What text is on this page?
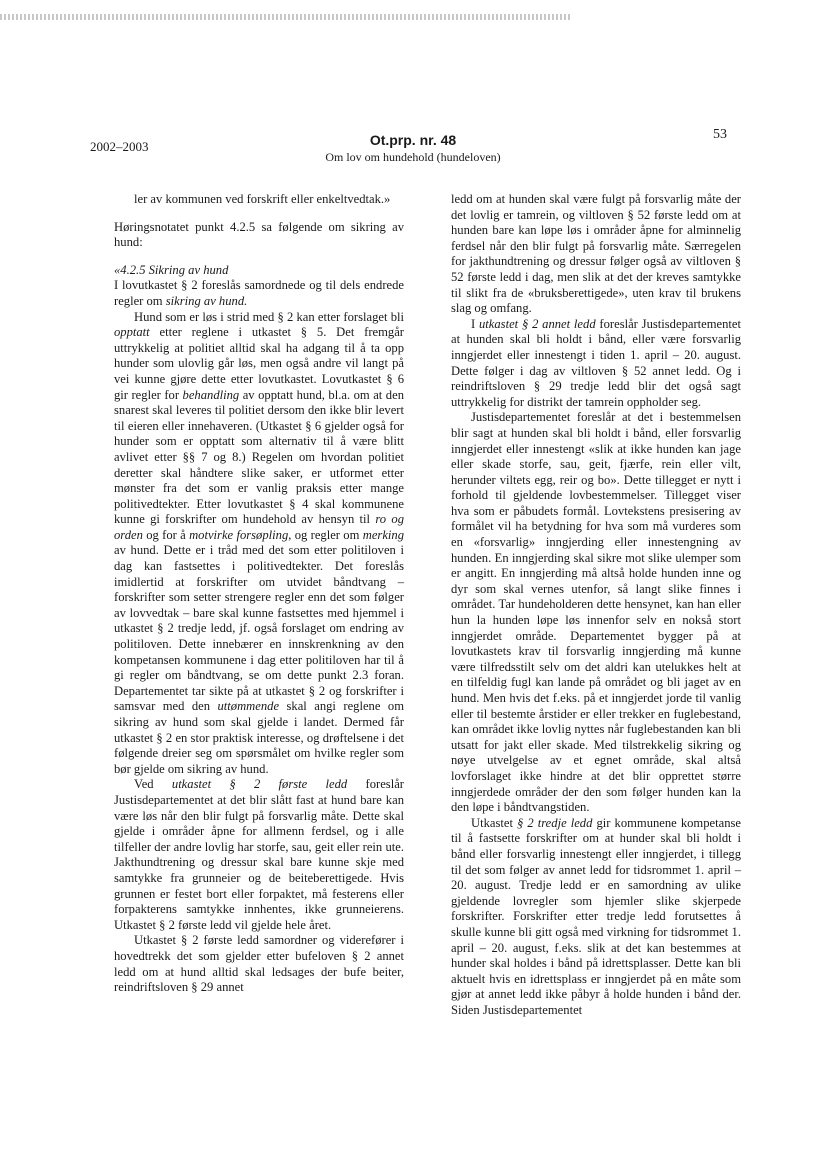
2002–2003	Ot.prp. nr. 48
Om lov om hundehold (hundeloven)
53

ler av kommunen ved forskrift eller enkeltvedtak.»

Høringsnotatet punkt 4.2.5 sa følgende om sikring av hund:

«4.2.5 Sikring av hund

I lovutkastet § 2 foreslås samordnede og til dels endrede regler om sikring av hund.

Hund som er løs i strid med § 2 kan etter forslaget bli opptatt etter reglene i utkastet § 5. Det fremgår uttrykkelig at politiet alltid skal ha adgang til å ta opp hunder som ulovlig går løs, men også andre vil langt på vei kunne gjøre dette etter lovutkastet. Lovutkastet § 6 gir regler for behandling av opptatt hund, bl.a. om at den snarest skal leveres til politiet dersom den ikke blir levert til eieren eller innehaveren. (Utkastet § 6 gjelder også for hunder som er opptatt som alternativ til å være blitt avlivet etter §§ 7 og 8.) Regelen om hvordan politiet deretter skal håndtere slike saker, er utformet etter mønster fra det som er vanlig praksis etter mange politivedtekter. Etter lovutkastet § 4 skal kommunene kunne gi forskrifter om hundehold av hensyn til ro og orden og for å motvirke forsøpling, og regler om merking av hund. Dette er i tråd med det som etter politiloven i dag kan fastsettes i politivedtekter. Det foreslås imidlertid at forskrifter om utvidet båndtvang – forskrifter som setter strengere regler enn det som følger av lovvedtak – bare skal kunne fastsettes med hjemmel i utkastet § 2 tredje ledd, jf. også forslaget om endring av politiloven. Dette innebærer en innskrenkning av den kompetansen kommunene i dag etter politiloven har til å gi regler om båndtvang, se om dette punkt 2.3 foran. Departementet tar sikte på at utkastet § 2 og forskrifter i samsvar med den uttømmende skal angi reglene om sikring av hund som skal gjelde i landet. Dermed får utkastet § 2 en stor praktisk interesse, og drøftelsene i det følgende dreier seg om spørsmålet om hvilke regler som bør gjelde om sikring av hund.

Ved utkastet § 2 første ledd foreslår Justisdepartementet at det blir slått fast at hund bare kan være løs når den blir fulgt på forsvarlig måte. Dette skal gjelde i områder åpne for allmenn ferdsel, og i alle tilfeller der andre lovlig har storfe, sau, geit eller rein ute. Jakthundtrening og dressur skal bare kunne skje med samtykke fra grunneier og de beiteberettigede. Hvis grunnen er festet bort eller forpaktet, må festerens eller forpakterens samtykke innhentes, ikke grunneierens. Utkastet § 2 første ledd vil gjelde hele året.

Utkastet § 2 første ledd samordner og viderefører i hovedtrekk det som gjelder etter bufeloven § 2 annet ledd om at hund alltid skal ledsages der bufe beiter, reindriftsloven § 29 annet

ledd om at hunden skal være fulgt på forsvarlig måte der det lovlig er tamrein, og viltloven § 52 første ledd om at hunden bare kan løpe løs i områder åpne for alminnelig ferdsel når den blir fulgt på forsvarlig måte. Særregelen for jakthundtrening og dressur følger også av viltloven § 52 første ledd i dag, men slik at det der kreves samtykke til slikt fra de «bruksberettigede», uten krav til brukens slag og omfang.

I utkastet § 2 annet ledd foreslår Justisdepartementet at hunden skal bli holdt i bånd, eller være forsvarlig inngjerdet eller innestengt i tiden 1. april – 20. august. Dette følger i dag av viltloven § 52 annet ledd. Og i reindriftsloven § 29 tredje ledd blir det også sagt uttrykkelig for distrikt der tamrein oppholder seg.

Justisdepartementet foreslår at det i bestemmelsen blir sagt at hunden skal bli holdt i bånd, eller forsvarlig inngjerdet eller innestengt «slik at ikke hunden kan jage eller skade storfe, sau, geit, fjærfe, rein eller vilt, herunder viltets egg, reir og bo». Dette tillegget er nytt i forhold til gjeldende lovbestemmelser. Tillegget viser hva som er påbudets formål. Lovtekstens presisering av formålet vil ha betydning for hva som må vurderes som en «forsvarlig» inngjerding eller innestengning av hunden. En inngjerding skal sikre mot slike ulemper som er angitt. En inngjerding må altså holde hunden inne og dyr som skal vernes utenfor, så langt slike finnes i området. Tar hundeholderen dette hensynet, kan han eller hun la hunden løpe løs innenfor selv en nokså stort inngjerdet område. Departementet bygger på at lovutkastets krav til forsvarlig inngjerding må kunne være tilfredsstilt selv om det aldri kan utelukkes helt at en tilfeldig fugl kan lande på området og bli jaget av en hund. Men hvis det f.eks. på et inngjerdet jorde til vanlig eller til bestemte årstider er eller trekker en fuglebestand, kan området ikke lovlig nyttes når fuglebestanden kan bli utsatt for jakt eller skade. Med tilstrekkelig sikring og nøye utvelgelse av et egnet område, skal altså lovforslaget ikke hindre at det blir opprettet større inngjerdede områder der den som følger hunden kan la den løpe i båndtvangstiden.

Utkastet § 2 tredje ledd gir kommunene kompetanse til å fastsette forskrifter om at hunder skal bli holdt i bånd eller forsvarlig innestengt eller inngjerdet, i tillegg til det som følger av annet ledd for tidsrommet 1. april – 20. august. Tredje ledd er en samordning av ulike gjeldende lovregler som hjemler slike skjerpede forskrifter. Forskrifter etter tredje ledd forutsettes å skulle kunne bli gitt også med virkning for tidsrommet 1. april – 20. august, f.eks. slik at det kan bestemmes at hunder skal holdes i bånd på idrettsplasser. Dette kan bli aktuelt hvis en idrettsplass er inngjerdet på en måte som gjør at annet ledd ikke påbyr å holde hunden i bånd der. Siden Justisdepartementet
